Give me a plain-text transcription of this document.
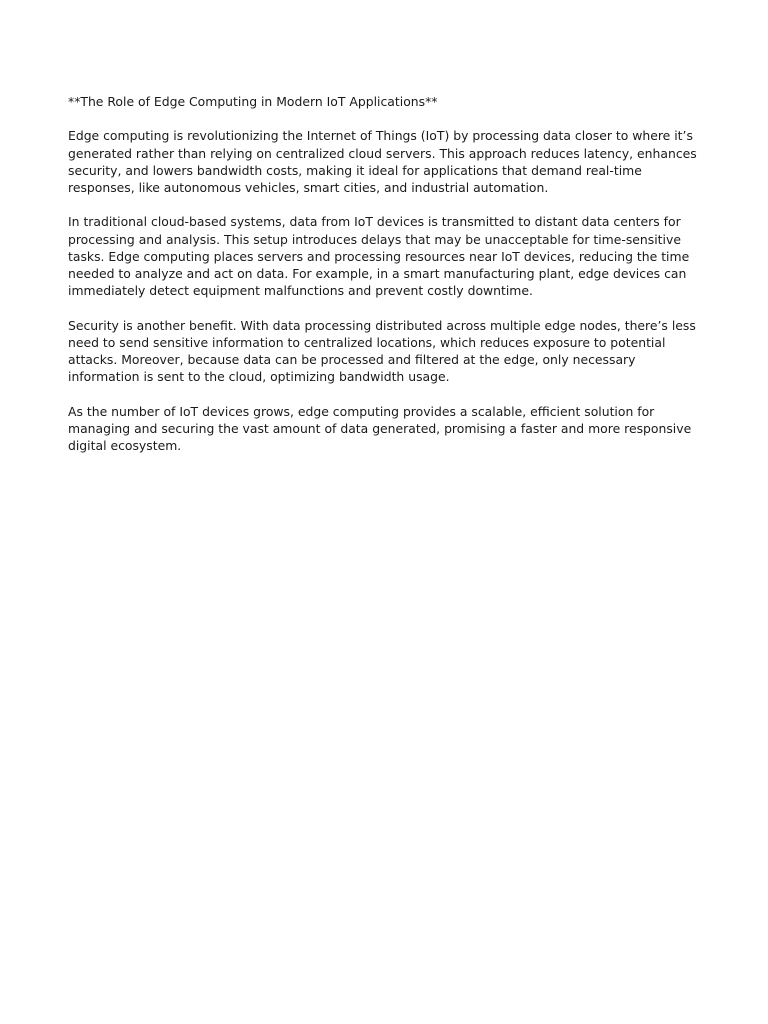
**The Role of Edge Computing in Modern IoT Applications**

Edge computing is revolutionizing the Internet of Things (IoT) by processing data closer to where it’s generated rather than relying on centralized cloud servers. This approach reduces latency, enhances security, and lowers bandwidth costs, making it ideal for applications that demand real-time responses, like autonomous vehicles, smart cities, and industrial automation.

In traditional cloud-based systems, data from IoT devices is transmitted to distant data centers for processing and analysis. This setup introduces delays that may be unacceptable for time-sensitive tasks. Edge computing places servers and processing resources near IoT devices, reducing the time needed to analyze and act on data. For example, in a smart manufacturing plant, edge devices can immediately detect equipment malfunctions and prevent costly downtime.

Security is another benefit. With data processing distributed across multiple edge nodes, there’s less need to send sensitive information to centralized locations, which reduces exposure to potential attacks. Moreover, because data can be processed and filtered at the edge, only necessary information is sent to the cloud, optimizing bandwidth usage.

As the number of IoT devices grows, edge computing provides a scalable, efficient solution for managing and securing the vast amount of data generated, promising a faster and more responsive digital ecosystem.
